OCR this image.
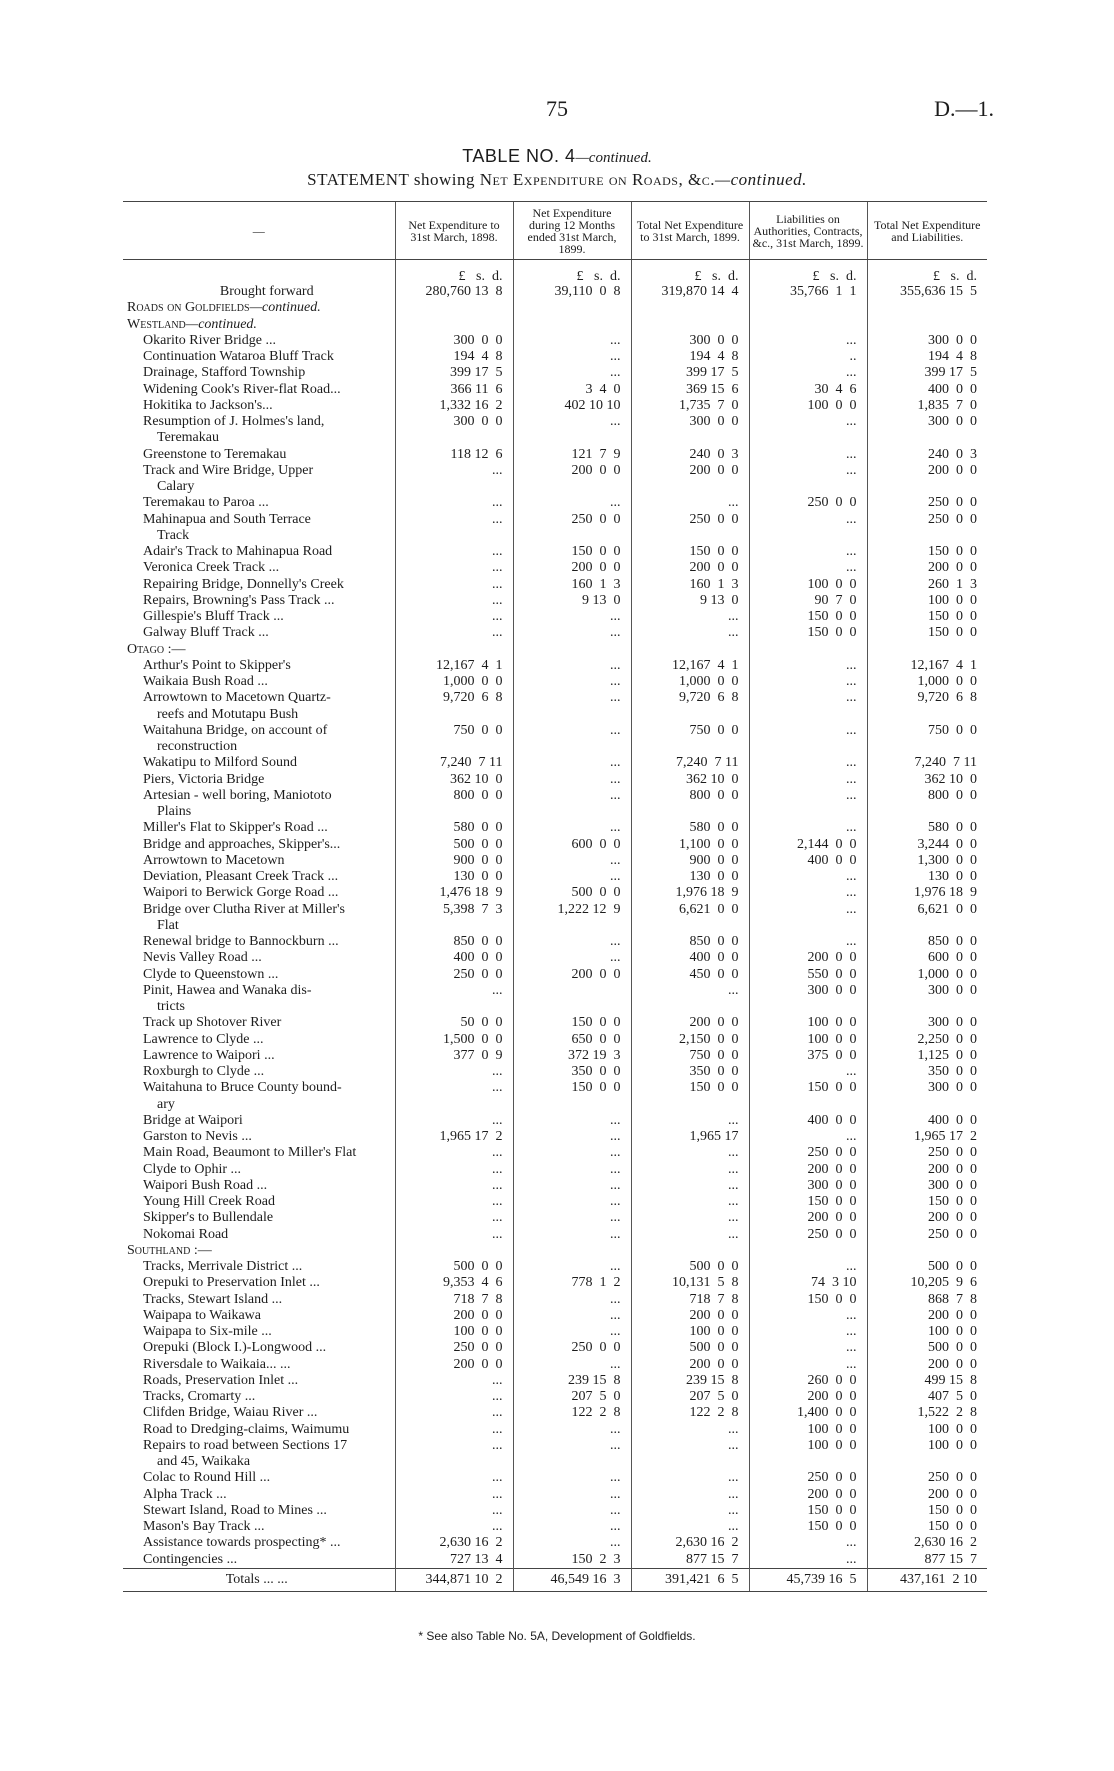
75	D.—1.
TABLE NO. 4—continued.
STATEMENT showing Net Expenditure on Roads, &c.—continued.
—	Net Expenditure to 31st March, 1898.	Net Expenditure during 12 Months ended 31st March, 1899.	Total Net Expenditure to 31st March, 1899.	Liabilities on Authorities, Contracts, &c., 31st March, 1899.	Total Net Expenditure and Liabilities.
	£   s.  d.	£   s.  d.	£   s.  d.	£   s.  d.	£   s.  d.
Brought forward	280,760 13  8	39,110  0  8	319,870 14  4	35,766  1  1	355,636 15  5
Roads on Goldfields—continued.					
Westland—continued.					
Okarito River Bridge ...	300  0  0	...	300  0  0	...	300  0  0
Continuation Wataroa Bluff Track	194  4  8	...	194  4  8	..	194  4  8
Drainage, Stafford Township	399 17  5	...	399 17  5	...	399 17  5
Widening Cook's River-flat Road...	366 11  6	3  4  0	369 15  6	30  4  6	400  0  0
Hokitika to Jackson's...	1,332 16  2	402 10 10	1,735  7  0	100  0  0	1,835  7  0
Resumption of J. Holmes's land,	300  0  0	...	300  0  0	...	300  0  0
Teremakau					
Greenstone to Teremakau	118 12  6	121  7  9	240  0  3	...	240  0  3
Track and Wire Bridge, Upper	...	200  0  0	200  0  0	...	200  0  0
Calary					
Teremakau to Paroa ...	...	...	...	250  0  0	250  0  0
Mahinapua and South Terrace	...	250  0  0	250  0  0	...	250  0  0
Track					
Adair's Track to Mahinapua Road	...	150  0  0	150  0  0	...	150  0  0
Veronica Creek Track ...	...	200  0  0	200  0  0	...	200  0  0
Repairing Bridge, Donnelly's Creek	...	160  1  3	160  1  3	100  0  0	260  1  3
Repairs, Browning's Pass Track ...	...	9 13  0	9 13  0	90  7  0	100  0  0
Gillespie's Bluff Track ...	...	...	...	150  0  0	150  0  0
Galway Bluff Track ...	...	...	...	150  0  0	150  0  0
Otago :—					
Arthur's Point to Skipper's	12,167  4  1	...	12,167  4  1	...	12,167  4  1
Waikaia Bush Road ...	1,000  0  0	...	1,000  0  0	...	1,000  0  0
Arrowtown to Macetown Quartz-	9,720  6  8	...	9,720  6  8	...	9,720  6  8
reefs and Motutapu Bush					
Waitahuna Bridge, on account of	750  0  0	...	750  0  0	...	750  0  0
reconstruction					
Wakatipu to Milford Sound	7,240  7 11	...	7,240  7 11	...	7,240  7 11
Piers, Victoria Bridge	362 10  0	...	362 10  0	...	362 10  0
Artesian - well boring, Maniototo	800  0  0	...	800  0  0	...	800  0  0
Plains					
Miller's Flat to Skipper's Road ...	580  0  0	...	580  0  0	...	580  0  0
Bridge and approaches, Skipper's...	500  0  0	600  0  0	1,100  0  0	2,144  0  0	3,244  0  0
Arrowtown to Macetown	900  0  0	...	900  0  0	400  0  0	1,300  0  0
Deviation, Pleasant Creek Track ...	130  0  0	...	130  0  0	...	130  0  0
Waipori to Berwick Gorge Road ...	1,476 18  9	500  0  0	1,976 18  9	...	1,976 18  9
Bridge over Clutha River at Miller's	5,398  7  3	1,222 12  9	6,621  0  0	...	6,621  0  0
Flat					
Renewal bridge to Bannockburn ...	850  0  0	...	850  0  0	...	850  0  0
Nevis Valley Road ...	400  0  0	...	400  0  0	200  0  0	600  0  0
Clyde to Queenstown ...	250  0  0	200  0  0	450  0  0	550  0  0	1,000  0  0
Pinit, Hawea and Wanaka dis-	...		...	300  0  0	300  0  0
tricts					
Track up Shotover River	50  0  0	150  0  0	200  0  0	100  0  0	300  0  0
Lawrence to Clyde ...	1,500  0  0	650  0  0	2,150  0  0	100  0  0	2,250  0  0
Lawrence to Waipori ...	377  0  9	372 19  3	750  0  0	375  0  0	1,125  0  0
Roxburgh to Clyde ...	...	350  0  0	350  0  0	...	350  0  0
Waitahuna to Bruce County bound-	...	150  0  0	150  0  0	150  0  0	300  0  0
ary					
Bridge at Waipori	...	...	...	400  0  0	400  0  0
Garston to Nevis ...	1,965 17  2	...	1,965 17	...	1,965 17  2
Main Road, Beaumont to Miller's Flat	...	...	...	250  0  0	250  0  0
Clyde to Ophir ...	...	...	...	200  0  0	200  0  0
Waipori Bush Road ...	...	...	...	300  0  0	300  0  0
Young Hill Creek Road	...	...	...	150  0  0	150  0  0
Skipper's to Bullendale	...	...	...	200  0  0	200  0  0
Nokomai Road	...	...	...	250  0  0	250  0  0
Southland :—					
Tracks, Merrivale District ...	500  0  0	...	500  0  0	...	500  0  0
Orepuki to Preservation Inlet ...	9,353  4  6	778  1  2	10,131  5  8	74  3 10	10,205  9  6
Tracks, Stewart Island ...	718  7  8	...	718  7  8	150  0  0	868  7  8
Waipapa to Waikawa	200  0  0	...	200  0  0	...	200  0  0
Waipapa to Six-mile ...	100  0  0	...	100  0  0	...	100  0  0
Orepuki (Block I.)-Longwood ...	250  0  0	250  0  0	500  0  0	...	500  0  0
Riversdale to Waikaia... ...	200  0  0	...	200  0  0	...	200  0  0
Roads, Preservation Inlet ...	...	239 15  8	239 15  8	260  0  0	499 15  8
Tracks, Cromarty ...	...	207  5  0	207  5  0	200  0  0	407  5  0
Clifden Bridge, Waiau River ...	...	122  2  8	122  2  8	1,400  0  0	1,522  2  8
Road to Dredging-claims, Waimumu	...	...	...	100  0  0	100  0  0
Repairs to road between Sections 17	...	...	...	100  0  0	100  0  0
and 45, Waikaka					
Colac to Round Hill ...	...	...	...	250  0  0	250  0  0
Alpha Track ...	...	...	...	200  0  0	200  0  0
Stewart Island, Road to Mines ...	...	...	...	150  0  0	150  0  0
Mason's Bay Track ...	...	...	...	150  0  0	150  0  0
Assistance towards prospecting* ...	2,630 16  2	...	2,630 16  2	...	2,630 16  2
Contingencies ...	727 13  4	150  2  3	877 15  7	...	877 15  7
Totals ... ...	344,871 10  2	46,549 16  3	391,421  6  5	45,739 16  5	437,161  2 10
* See also Table No. 5A, Development of Goldfields.
